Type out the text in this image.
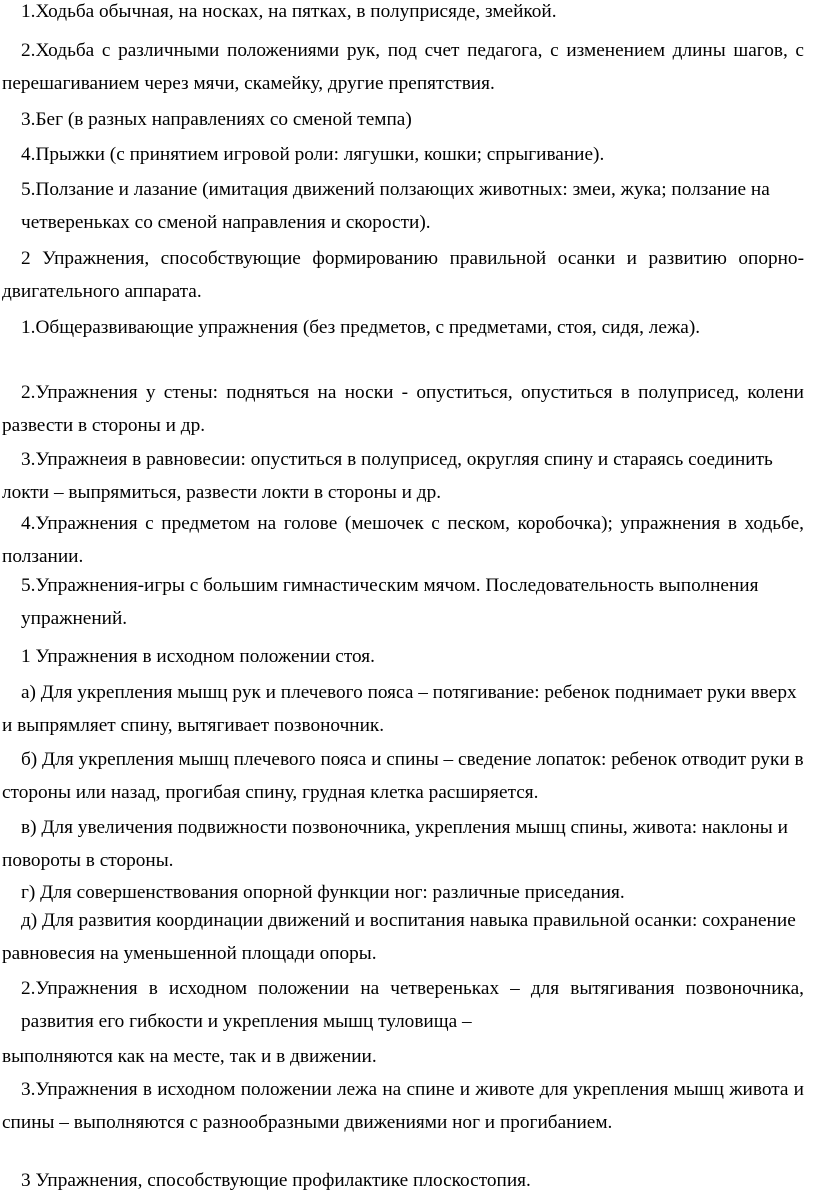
1.Ходьба обычная, на носках, на пятках, в полуприсяде, змейкой.

2.Ходьба с различными положениями рук, под счет педагога, с изменением длины шагов, с перешагиванием через мячи, скамейку, другие препятствия.

3.Бег (в разных направлениях со сменой темпа)

4.Прыжки (с принятием игровой роли: лягушки, кошки; спрыгивание).

5.Ползание и лазание (имитация движений ползающих животных: змеи, жука; ползание на четвереньках со сменой направления и скорости).

2 Упражнения, способствующие формированию правильной осанки и развитию опорно-двигательного аппарата.

1.Общеразвивающие упражнения (без предметов, с предметами, стоя, сидя, лежа).

2.Упражнения у стены: подняться на носки - опуститься, опуститься в полуприсед, колени развести в стороны и др.

3.Упражнеия в равновесии: опуститься в полуприсед, округляя спину и стараясь соединить локти – выпрямиться, развести локти в стороны и др.

4.Упражнения с предметом на голове (мешочек с песком, коробочка); упражнения в ходьбе, ползании.

5.Упражнения-игры с большим гимнастическим мячом. Последовательность выполнения упражнений.

1 Упражнения в исходном положении стоя.

а) Для укрепления мышц рук и плечевого пояса – потягивание: ребенок поднимает руки вверх и выпрямляет спину, вытягивает позвоночник.

б) Для укрепления мышц плечевого пояса и спины – сведение лопаток: ребенок отводит руки в стороны или назад, прогибая спину, грудная клетка расширяется.

в) Для увеличения подвижности позвоночника, укрепления мышц спины, живота: наклоны и повороты в стороны.

г) Для совершенствования опорной функции ног: различные приседания.

д) Для развития координации движений и воспитания навыка правильной осанки: сохранение равновесия на уменьшенной площади опоры.

2.Упражнения в исходном положении на четвереньках – для вытягивания позвоночника, развития его гибкости и укрепления мышц туловища –

выполняются как на месте, так и в движении.

3.Упражнения в исходном положении лежа на спине и животе для укрепления мышц живота и спины – выполняются с разнообразными движениями ног и прогибанием.

3 Упражнения, способствующие профилактике плоскостопия.
